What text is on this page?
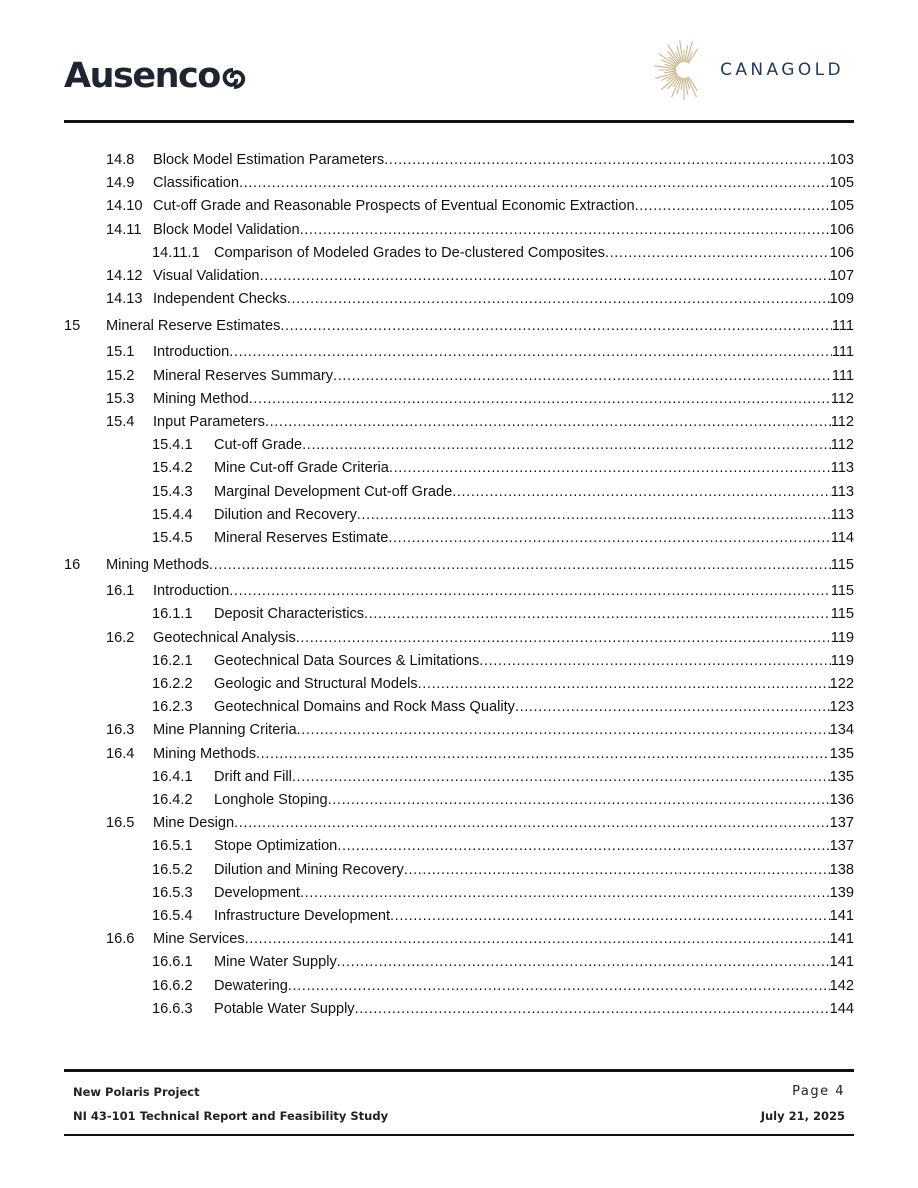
Ausenco	CANAGOLD
14.8 Block Model Estimation Parameters .....	103
14.9 Classification .....	105
14.10 Cut-off Grade and Reasonable Prospects of Eventual Economic Extraction .....	105
14.11 Block Model Validation .....	106
14.11.1 Comparison of Modeled Grades to De-clustered Composites .....	106
14.12 Visual Validation .....	107
14.13 Independent Checks .....	109
15 Mineral Reserve Estimates .....	111
15.1 Introduction .....	111
15.2 Mineral Reserves Summary .....	111
15.3 Mining Method .....	112
15.4 Input Parameters .....	112
15.4.1 Cut-off Grade .....	112
15.4.2 Mine Cut-off Grade Criteria .....	113
15.4.3 Marginal Development Cut-off Grade .....	113
15.4.4 Dilution and Recovery .....	113
15.4.5 Mineral Reserves Estimate .....	114
16 Mining Methods .....	115
16.1 Introduction .....	115
16.1.1 Deposit Characteristics .....	115
16.2 Geotechnical Analysis .....	119
16.2.1 Geotechnical Data Sources & Limitations .....	119
16.2.2 Geologic and Structural Models .....	122
16.2.3 Geotechnical Domains and Rock Mass Quality .....	123
16.3 Mine Planning Criteria .....	134
16.4 Mining Methods .....	135
16.4.1 Drift and Fill .....	135
16.4.2 Longhole Stoping .....	136
16.5 Mine Design .....	137
16.5.1 Stope Optimization .....	137
16.5.2 Dilution and Mining Recovery .....	138
16.5.3 Development .....	139
16.5.4 Infrastructure Development .....	141
16.6 Mine Services .....	141
16.6.1 Mine Water Supply .....	141
16.6.2 Dewatering .....	142
16.6.3 Potable Water Supply .....	144
New Polaris Project
NI 43-101 Technical Report and Feasibility Study
Page 4
July 21, 2025
